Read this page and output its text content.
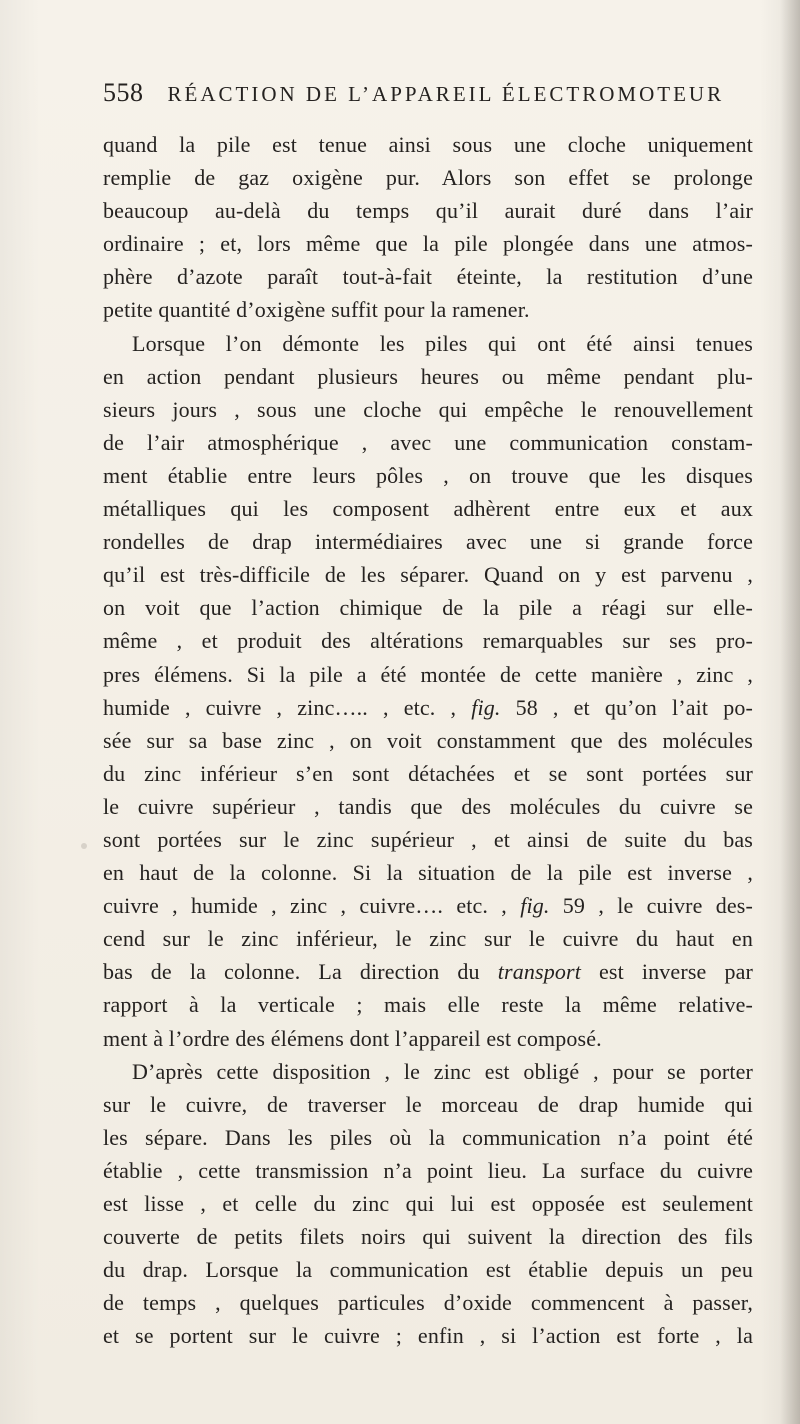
558 RÉACTION DE L’APPAREIL ÉLECTROMOTEUR
quand la pile est tenue ainsi sous une cloche uniquement
remplie de gaz oxigène pur. Alors son effet se prolonge
beaucoup au-delà du temps qu’il aurait duré dans l’air
ordinaire ; et, lors même que la pile plongée dans une atmos-
phère d’azote paraît tout-à-fait éteinte, la restitution d’une
petite quantité d’oxigène suffit pour la ramener.
Lorsque l’on démonte les piles qui ont été ainsi tenues
en action pendant plusieurs heures ou même pendant plu-
sieurs jours , sous une cloche qui empêche le renouvellement
de l’air atmosphérique , avec une communication constam-
ment établie entre leurs pôles , on trouve que les disques
métalliques qui les composent adhèrent entre eux et aux
rondelles de drap intermédiaires avec une si grande force
qu’il est très-difficile de les séparer. Quand on y est parvenu ,
on voit que l’action chimique de la pile a réagi sur elle-
même , et produit des altérations remarquables sur ses pro-
pres élémens. Si la pile a été montée de cette manière , zinc ,
humide , cuivre , zinc….. , etc. , fig. 58 , et qu’on l’ait po-
sée sur sa base zinc , on voit constamment que des molécules
du zinc inférieur s’en sont détachées et se sont portées sur
le cuivre supérieur , tandis que des molécules du cuivre se
sont portées sur le zinc supérieur , et ainsi de suite du bas
en haut de la colonne. Si la situation de la pile est inverse ,
cuivre , humide , zinc , cuivre…. etc. , fig. 59 , le cuivre des-
cend sur le zinc inférieur, le zinc sur le cuivre du haut en
bas de la colonne. La direction du transport est inverse par
rapport à la verticale ; mais elle reste la même relative-
ment à l’ordre des élémens dont l’appareil est composé.
D’après cette disposition , le zinc est obligé , pour se porter
sur le cuivre, de traverser le morceau de drap humide qui
les sépare. Dans les piles où la communication n’a point été
établie , cette transmission n’a point lieu. La surface du cuivre
est lisse , et celle du zinc qui lui est opposée est seulement
couverte de petits filets noirs qui suivent la direction des fils
du drap. Lorsque la communication est établie depuis un peu
de temps , quelques particules d’oxide commencent à passer,
et se portent sur le cuivre ; enfin , si l’action est forte , la
